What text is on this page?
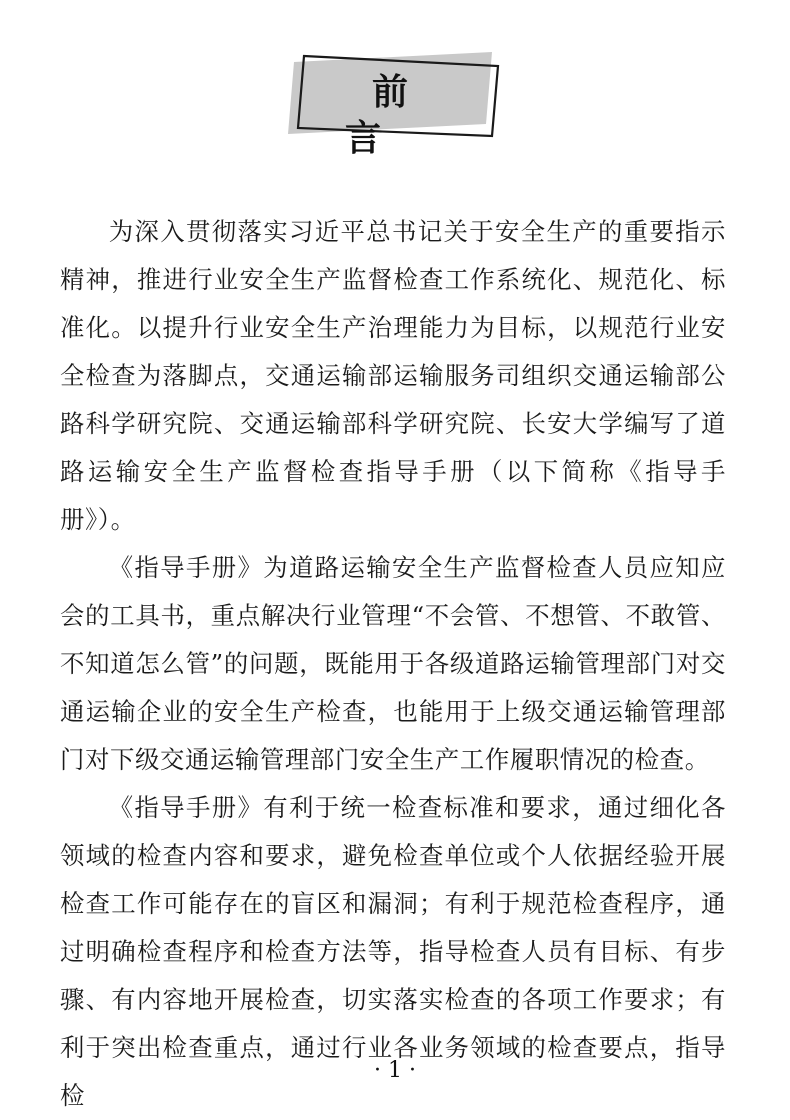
前　　言

为深入贯彻落实习近平总书记关于安全生产的重要指示精神，推进行业安全生产监督检查工作系统化、规范化、标准化。以提升行业安全生产治理能力为目标，以规范行业安全检查为落脚点，交通运输部运输服务司组织交通运输部公路科学研究院、交通运输部科学研究院、长安大学编写了道路运输安全生产监督检查指导手册（以下简称《指导手册》）。

《指导手册》为道路运输安全生产监督检查人员应知应会的工具书，重点解决行业管理“不会管、不想管、不敢管、不知道怎么管”的问题，既能用于各级道路运输管理部门对交通运输企业的安全生产检查，也能用于上级交通运输管理部门对下级交通运输管理部门安全生产工作履职情况的检查。

《指导手册》有利于统一检查标准和要求，通过细化各领域的检查内容和要求，避免检查单位或个人依据经验开展检查工作可能存在的盲区和漏洞；有利于规范检查程序，通过明确检查程序和检查方法等，指导检查人员有目标、有步骤、有内容地开展检查，切实落实检查的各项工作要求；有利于突出检查重点，通过行业各业务领域的检查要点，指导检

· 1 ·
